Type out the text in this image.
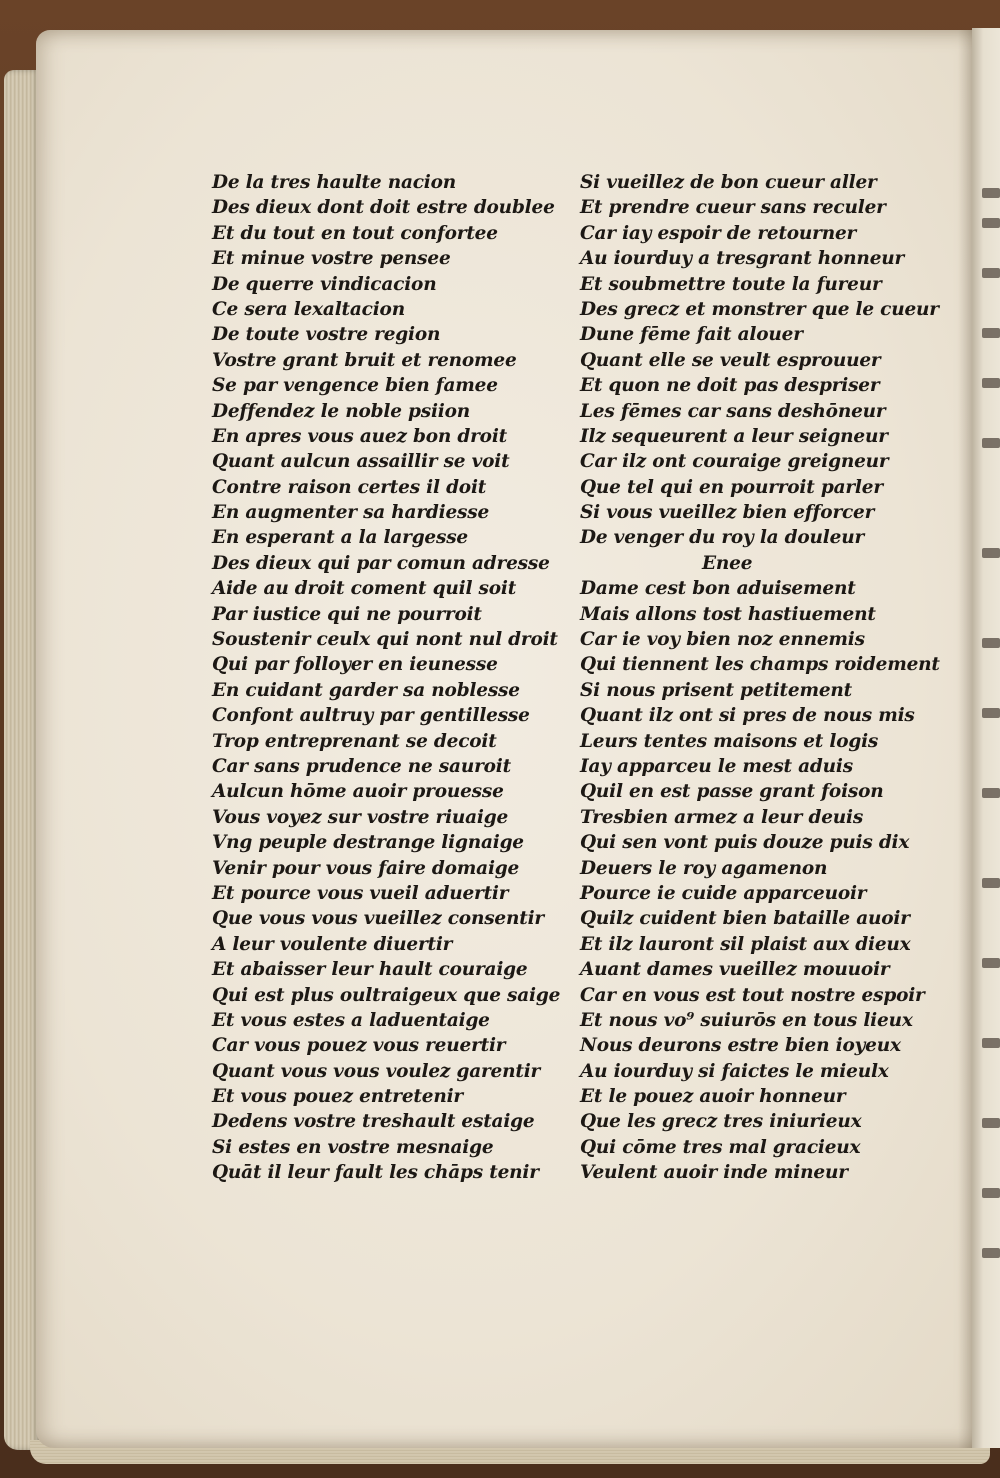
De la tres haulte nacion
Des dieux dont doit estre doublee
Et du tout en tout confortee
Et minue vostre pensee
De querre vindicacion
Ce sera lexaltacion
De toute vostre region
Vostre grant bruit et renomee
Se par vengence bien famee
Deffendez le noble psiion
En apres vous auez bon droit
Quant aulcun assaillir se voit
Contre raison certes il doit
En augmenter sa hardiesse
En esperant a la largesse
Des dieux qui par comun adresse
Aide au droit coment quil soit
Par iustice qui ne pourroit
Soustenir ceulx qui nont nul droit
Qui par folloyer en ieunesse
En cuidant garder sa noblesse
Confont aultruy par gentillesse
Trop entreprenant se decoit
Car sans prudence ne sauroit
Aulcun hōme auoir prouesse
Vous voyez sur vostre riuaige
Vng peuple destrange lignaige
Venir pour vous faire domaige
Et pource vous vueil aduertir
Que vous vous vueillez consentir
A leur voulente diuertir
Et abaisser leur hault couraige
Qui est plus oultraigeux que saige
Et vous estes a laduentaige
Car vous pouez vous reuertir
Quant vous vous voulez garentir
Et vous pouez entretenir
Dedens vostre treshault estaige
Si estes en vostre mesnaige
Quāt il leur fault les chāps tenir
Si vueillez de bon cueur aller
Et prendre cueur sans reculer
Car iay espoir de retourner
Au iourduy a tresgrant honneur
Et soubmettre toute la fureur
Des grecz et monstrer que le cueur
Dune fēme fait alouer
Quant elle se veult esprouuer
Et quon ne doit pas despriser
Les fēmes car sans deshōneur
Ilz sequeurent a leur seigneur
Car ilz ont couraige greigneur
Que tel qui en pourroit parler
Si vous vueillez bien efforcer
De venger du roy la douleur
Enee
Dame cest bon aduisement
Mais allons tost hastiuement
Car ie voy bien noz ennemis
Qui tiennent les champs roidement
Si nous prisent petitement
Quant ilz ont si pres de nous mis
Leurs tentes maisons et logis
Iay apparceu le mest aduis
Quil en est passe grant foison
Tresbien armez a leur deuis
Qui sen vont puis douze puis dix
Deuers le roy agamenon
Pource ie cuide apparceuoir
Quilz cuident bien bataille auoir
Et ilz lauront sil plaist aux dieux
Auant dames vueillez mouuoir
Car en vous est tout nostre espoir
Et nous vo⁹ suiurōs en tous lieux
Nous deurons estre bien ioyeux
Au iourduy si faictes le mieulx
Et le pouez auoir honneur
Que les grecz tres iniurieux
Qui cōme tres mal gracieux
Veulent auoir inde mineur
